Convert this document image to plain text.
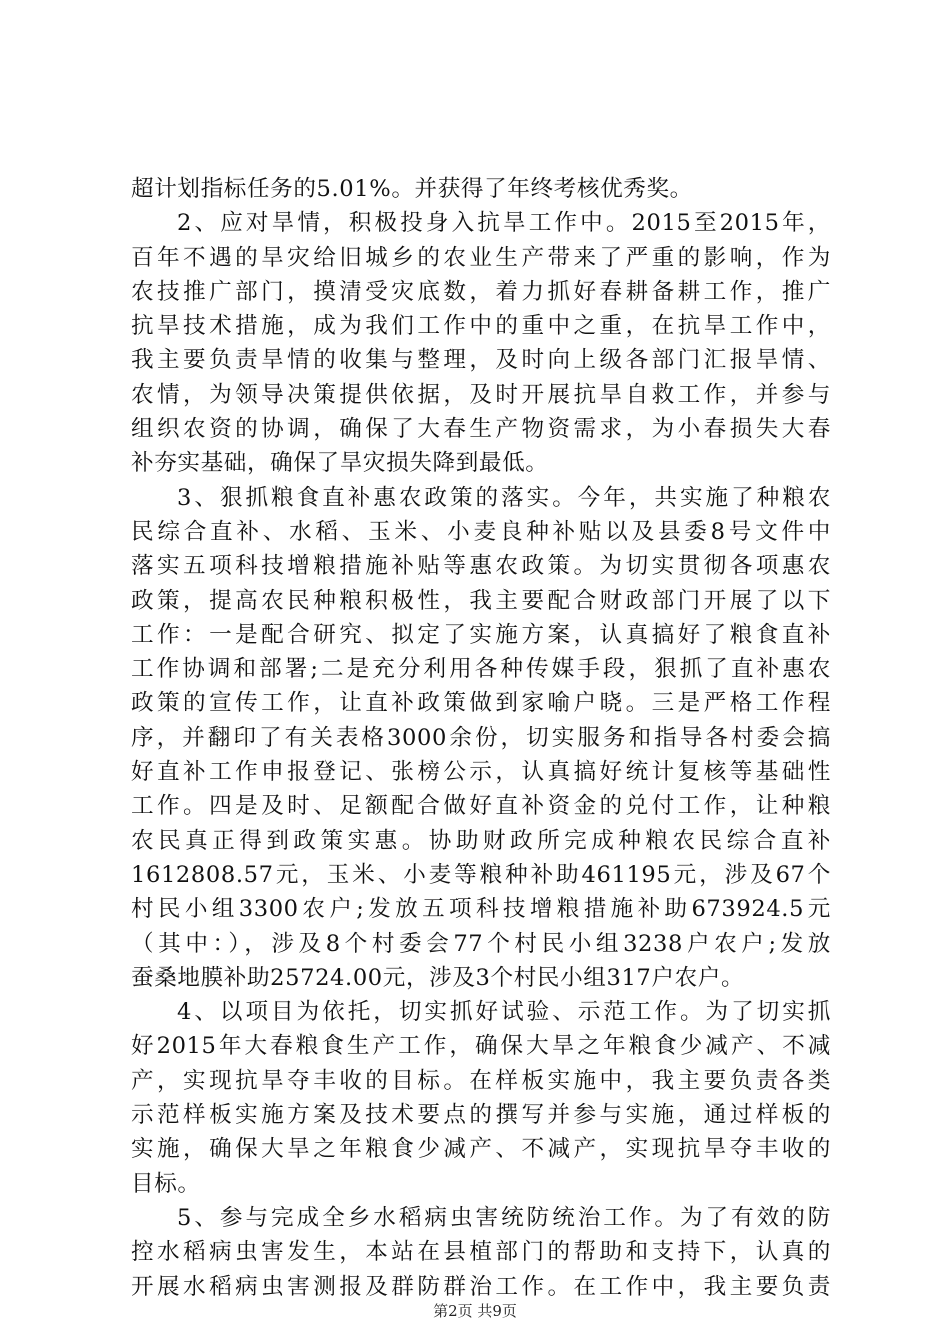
超计划指标任务的5.01%。并获得了年终考核优秀奖。
2、应对旱情，积极投身入抗旱工作中。2015至2015年，
百年不遇的旱灾给旧城乡的农业生产带来了严重的影响，作为
农技推广部门，摸清受灾底数，着力抓好春耕备耕工作，推广
抗旱技术措施，成为我们工作中的重中之重，在抗旱工作中，
我主要负责旱情的收集与整理，及时向上级各部门汇报旱情、
农情，为领导决策提供依据，及时开展抗旱自救工作，并参与
组织农资的协调，确保了大春生产物资需求，为小春损失大春
补夯实基础，确保了旱灾损失降到最低。
3、狠抓粮食直补惠农政策的落实。今年，共实施了种粮农
民综合直补、水稻、玉米、小麦良种补贴以及县委8号文件中
落实五项科技增粮措施补贴等惠农政策。为切实贯彻各项惠农
政策，提高农民种粮积极性，我主要配合财政部门开展了以下
工作：一是配合研究、拟定了实施方案，认真搞好了粮食直补
工作协调和部署;二是充分利用各种传媒手段，狠抓了直补惠农
政策的宣传工作，让直补政策做到家喻户晓。三是严格工作程
序，并翻印了有关表格3000余份，切实服务和指导各村委会搞
好直补工作申报登记、张榜公示，认真搞好统计复核等基础性
工作。四是及时、足额配合做好直补资金的兑付工作，让种粮
农民真正得到政策实惠。协助财政所完成种粮农民综合直补
1612808.57元，玉米、小麦等粮种补助461195元，涉及67个
村民小组3300农户;发放五项科技增粮措施补助673924.5元
（其中：），涉及8个村委会77个村民小组3238户农户;发放
蚕桑地膜补助25724.00元，涉及3个村民小组317户农户。
4、以项目为依托，切实抓好试验、示范工作。为了切实抓
好2015年大春粮食生产工作，确保大旱之年粮食少减产、不减
产，实现抗旱夺丰收的目标。在样板实施中，我主要负责各类
示范样板实施方案及技术要点的撰写并参与实施，通过样板的
实施，确保大旱之年粮食少减产、不减产，实现抗旱夺丰收的
目标。
5、参与完成全乡水稻病虫害统防统治工作。为了有效的防
控水稻病虫害发生，本站在县植部门的帮助和支持下，认真的
开展水稻病虫害测报及群防群治工作。在工作中，我主要负责
第2页 共9页
